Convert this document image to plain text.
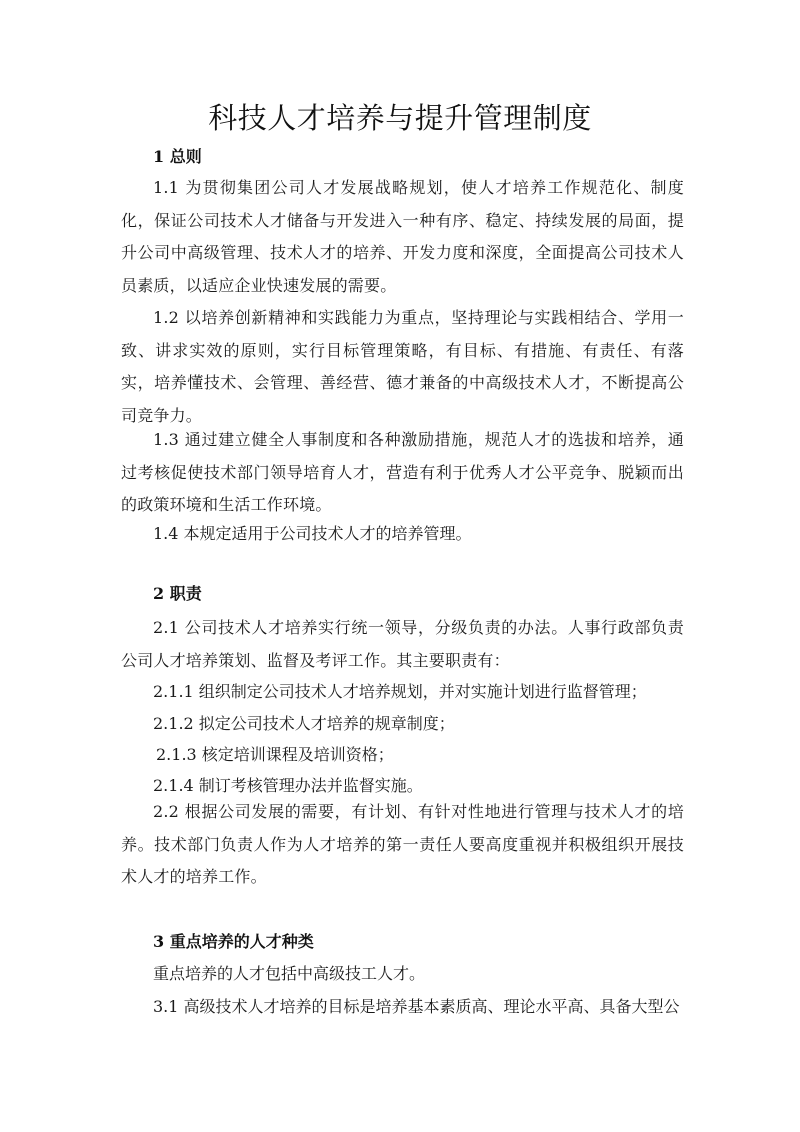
科技人才培养与提升管理制度
1 总则
1.1 为贯彻集团公司人才发展战略规划，使人才培养工作规范化、制度化，保证公司技术人才储备与开发进入一种有序、稳定、持续发展的局面，提升公司中高级管理、技术人才的培养、开发力度和深度，全面提高公司技术人员素质，以适应企业快速发展的需要。
1.2 以培养创新精神和实践能力为重点，坚持理论与实践相结合、学用一致、讲求实效的原则，实行目标管理策略，有目标、有措施、有责任、有落实，培养懂技术、会管理、善经营、德才兼备的中高级技术人才，不断提高公司竞争力。
1.3 通过建立健全人事制度和各种激励措施，规范人才的选拔和培养，通过考核促使技术部门领导培育人才，营造有利于优秀人才公平竞争、脱颖而出的政策环境和生活工作环境。
1.4 本规定适用于公司技术人才的培养管理。
2 职责
2.1 公司技术人才培养实行统一领导，分级负责的办法。人事行政部负责公司人才培养策划、监督及考评工作。其主要职责有：
2.1.1 组织制定公司技术人才培养规划，并对实施计划进行监督管理；
2.1.2 拟定公司技术人才培养的规章制度；
2.1.3 核定培训课程及培训资格；
2.1.4 制订考核管理办法并监督实施。
2.2 根据公司发展的需要，有计划、有针对性地进行管理与技术人才的培养。技术部门负责人作为人才培养的第一责任人要高度重视并积极组织开展技术人才的培养工作。
3 重点培养的人才种类
重点培养的人才包括中高级技工人才。
3.1 高级技术人才培养的目标是培养基本素质高、理论水平高、具备大型公
